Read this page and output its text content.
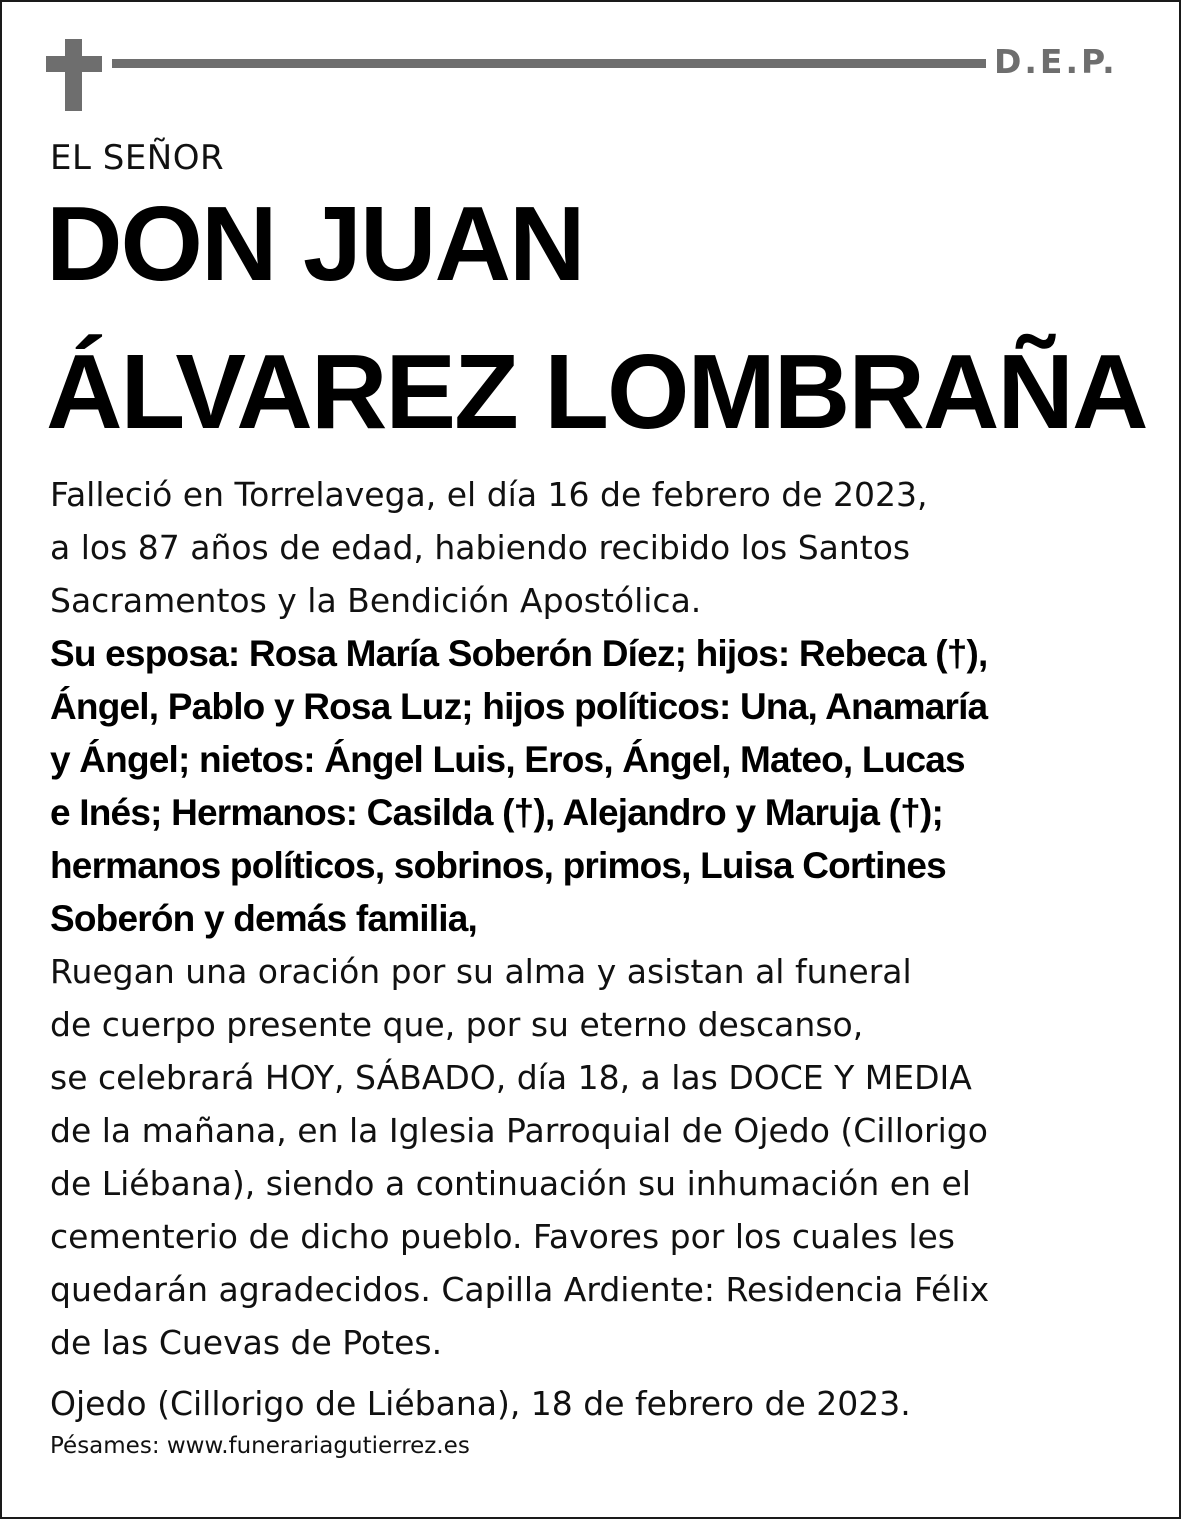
D.E.P.
EL SEÑOR
DON JUAN
ÁLVAREZ LOMBRAÑA

Falleció en Torrelavega, el día 16 de febrero de 2023,
a los 87 años de edad, habiendo recibido los Santos
Sacramentos y la Bendición Apostólica.

Su esposa: Rosa María Soberón Díez; hijos: Rebeca (†),
Ángel, Pablo y Rosa Luz; hijos políticos: Una, Anamaría
y Ángel; nietos: Ángel Luis, Eros, Ángel, Mateo, Lucas
e Inés; Hermanos: Casilda (†), Alejandro y Maruja (†);
hermanos políticos, sobrinos, primos, Luisa Cortines
Soberón y demás familia,

Ruegan una oración por su alma y asistan al funeral
de cuerpo presente que, por su eterno descanso,
se celebrará HOY, SÁBADO, día 18, a las DOCE Y MEDIA
de la mañana, en la Iglesia Parroquial de Ojedo (Cillorigo
de Liébana), siendo a continuación su inhumación en el
cementerio de dicho pueblo. Favores por los cuales les
quedarán agradecidos. Capilla Ardiente: Residencia Félix
de las Cuevas de Potes.

Ojedo (Cillorigo de Liébana), 18 de febrero de 2023.

Pésames: www.funerariagutierrez.es
